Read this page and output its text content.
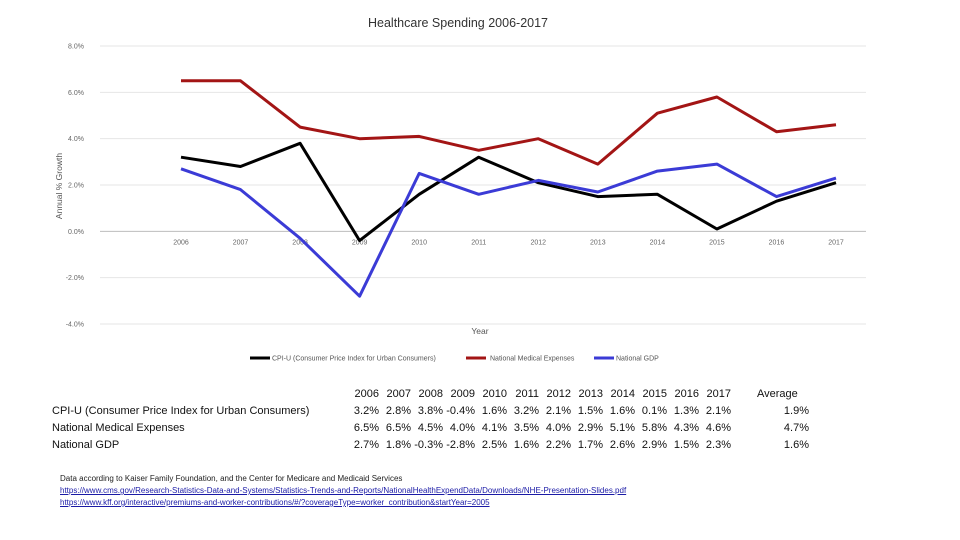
8.0%
6.0%
4.0%
2.0%
0.0%
-2.0%
-4.0%
2006	2007	2008	2009	2010	2011	2012	2013	2014	2015	2016	2017
Healthcare Spending 2006-2017
Annual % Growth
Year
CPI-U (Consumer Price Index for Urban Consumers)	National Medical Expenses	National GDP
		2006	2007	2008	2009	2010	2011	2012	2013	2014	2015	2016	2017		Average
CPI-U (Consumer Price Index for Urban Consumers)		3.2%	2.8%	3.8%	-0.4%	1.6%	3.2%	2.1%	1.5%	1.6%	0.1%	1.3%	2.1%		1.9%
National Medical Expenses		6.5%	6.5%	4.5%	4.0%	4.1%	3.5%	4.0%	2.9%	5.1%	5.8%	4.3%	4.6%		4.7%
National GDP		2.7%	1.8%	-0.3%	-2.8%	2.5%	1.6%	2.2%	1.7%	2.6%	2.9%	1.5%	2.3%		1.6%
Data according to Kaiser Family Foundation, and the Center for Medicare and Medicaid Services
https://www.cms.gov/Research-Statistics-Data-and-Systems/Statistics-Trends-and-Reports/NationalHealthExpendData/Downloads/NHE-Presentation-Slides.pdf
https://www.kff.org/interactive/premiums-and-worker-contributions/#/?coverageType=worker_contribution&startYear=2005
